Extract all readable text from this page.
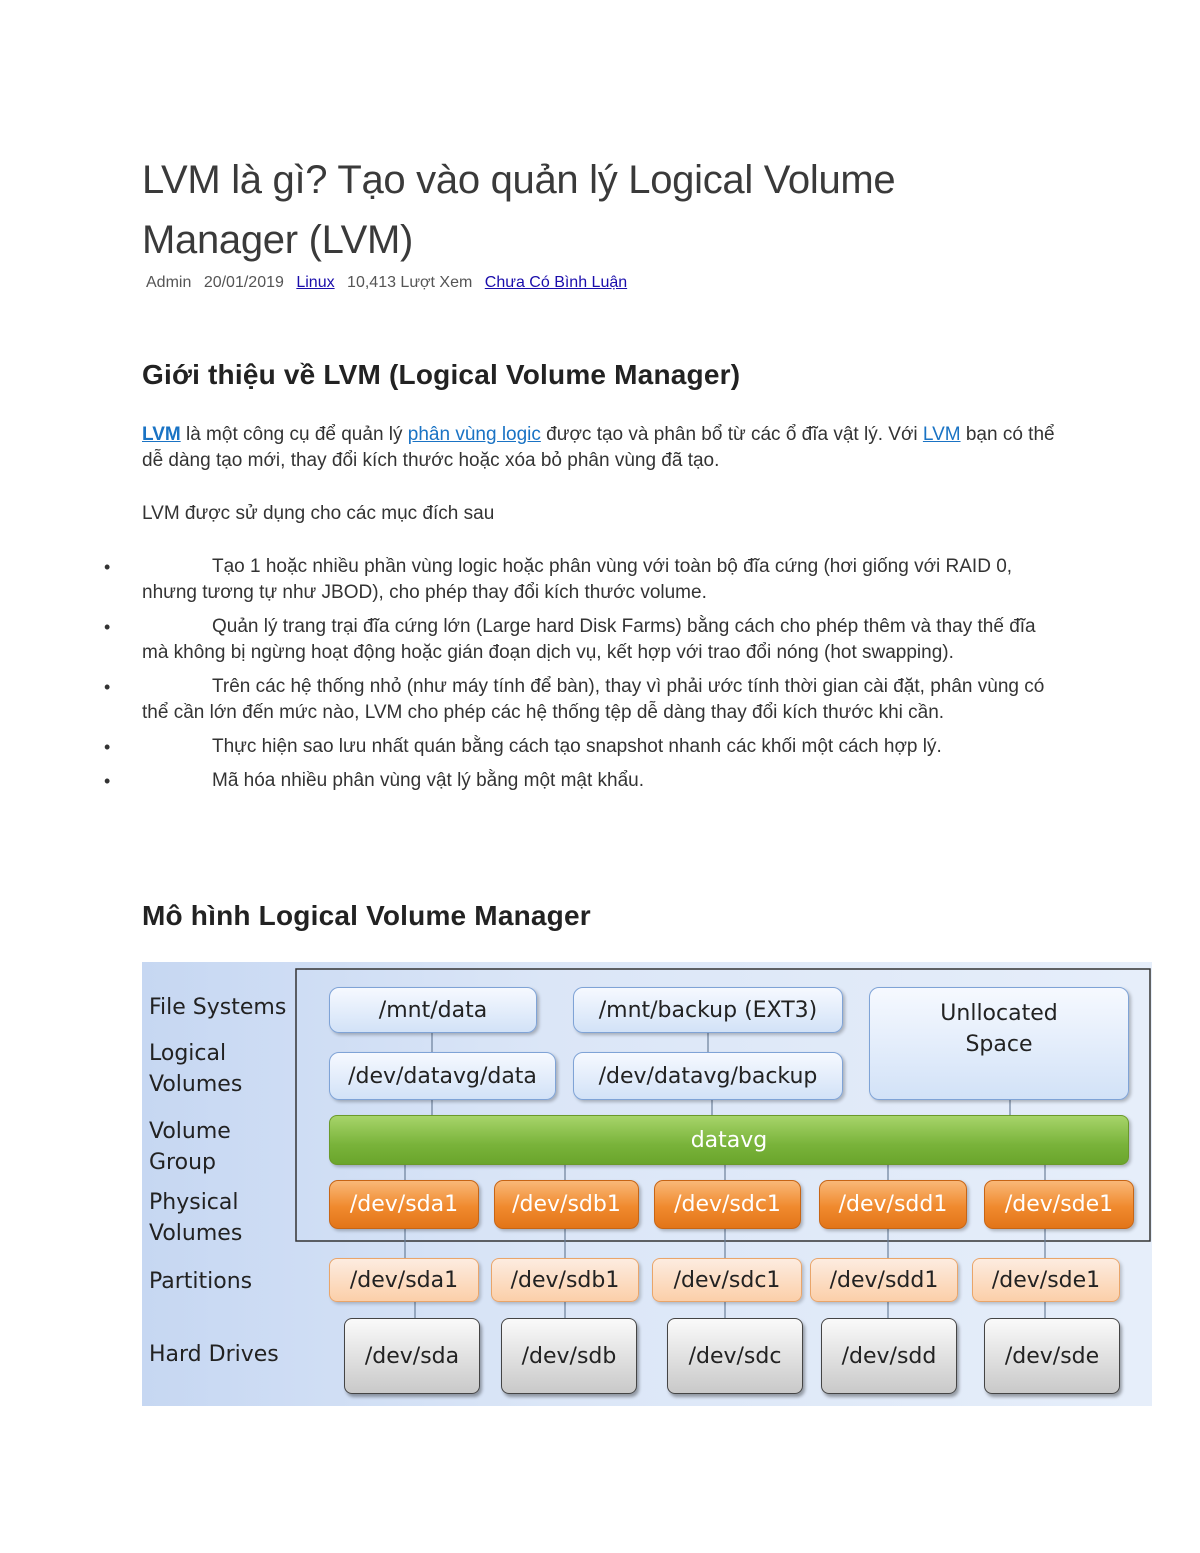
LVM là gì? Tạo vào quản lý Logical Volume Manager (LVM)
Admin 20/01/2019 Linux 10,413 Lượt Xem Chưa Có Bình Luận
Giới thiệu về LVM (Logical Volume Manager)

LVM là một công cụ để quản lý phân vùng logic được tạo và phân bổ từ các ổ đĩa vật lý. Với LVM bạn có thể dễ dàng tạo mới, thay đổi kích thước hoặc xóa bỏ phân vùng đã tạo.

LVM được sử dụng cho các mục đích sau

•	Tạo 1 hoặc nhiều phần vùng logic hoặc phân vùng với toàn bộ đĩa cứng (hơi giống với RAID 0, nhưng tương tự như JBOD), cho phép thay đổi kích thước volume.
•	Quản lý trang trại đĩa cứng lớn (Large hard Disk Farms) bằng cách cho phép thêm và thay thế đĩa mà không bị ngừng hoạt động hoặc gián đoạn dịch vụ, kết hợp với trao đổi nóng (hot swapping).
•	Trên các hệ thống nhỏ (như máy tính để bàn), thay vì phải ước tính thời gian cài đặt, phân vùng có thể cần lớn đến mức nào, LVM cho phép các hệ thống tệp dễ dàng thay đổi kích thước khi cần.
•	Thực hiện sao lưu nhất quán bằng cách tạo snapshot nhanh các khối một cách hợp lý.
•	Mã hóa nhiều phân vùng vật lý bằng một mật khẩu.
Mô hình Logical Volume Manager
File Systems
Logical
Volumes
Volume
Group
Physical
Volumes
Partitions
Hard Drives
/mnt/data	/mnt/backup (EXT3)	Unllocated
Space
/dev/datavg/data	/dev/datavg/backup
datavg
/dev/sda1	/dev/sdb1	/dev/sdc1	/dev/sdd1	/dev/sde1
/dev/sda1	/dev/sdb1	/dev/sdc1	/dev/sdd1	/dev/sde1
/dev/sda	/dev/sdb	/dev/sdc	/dev/sdd	/dev/sde
